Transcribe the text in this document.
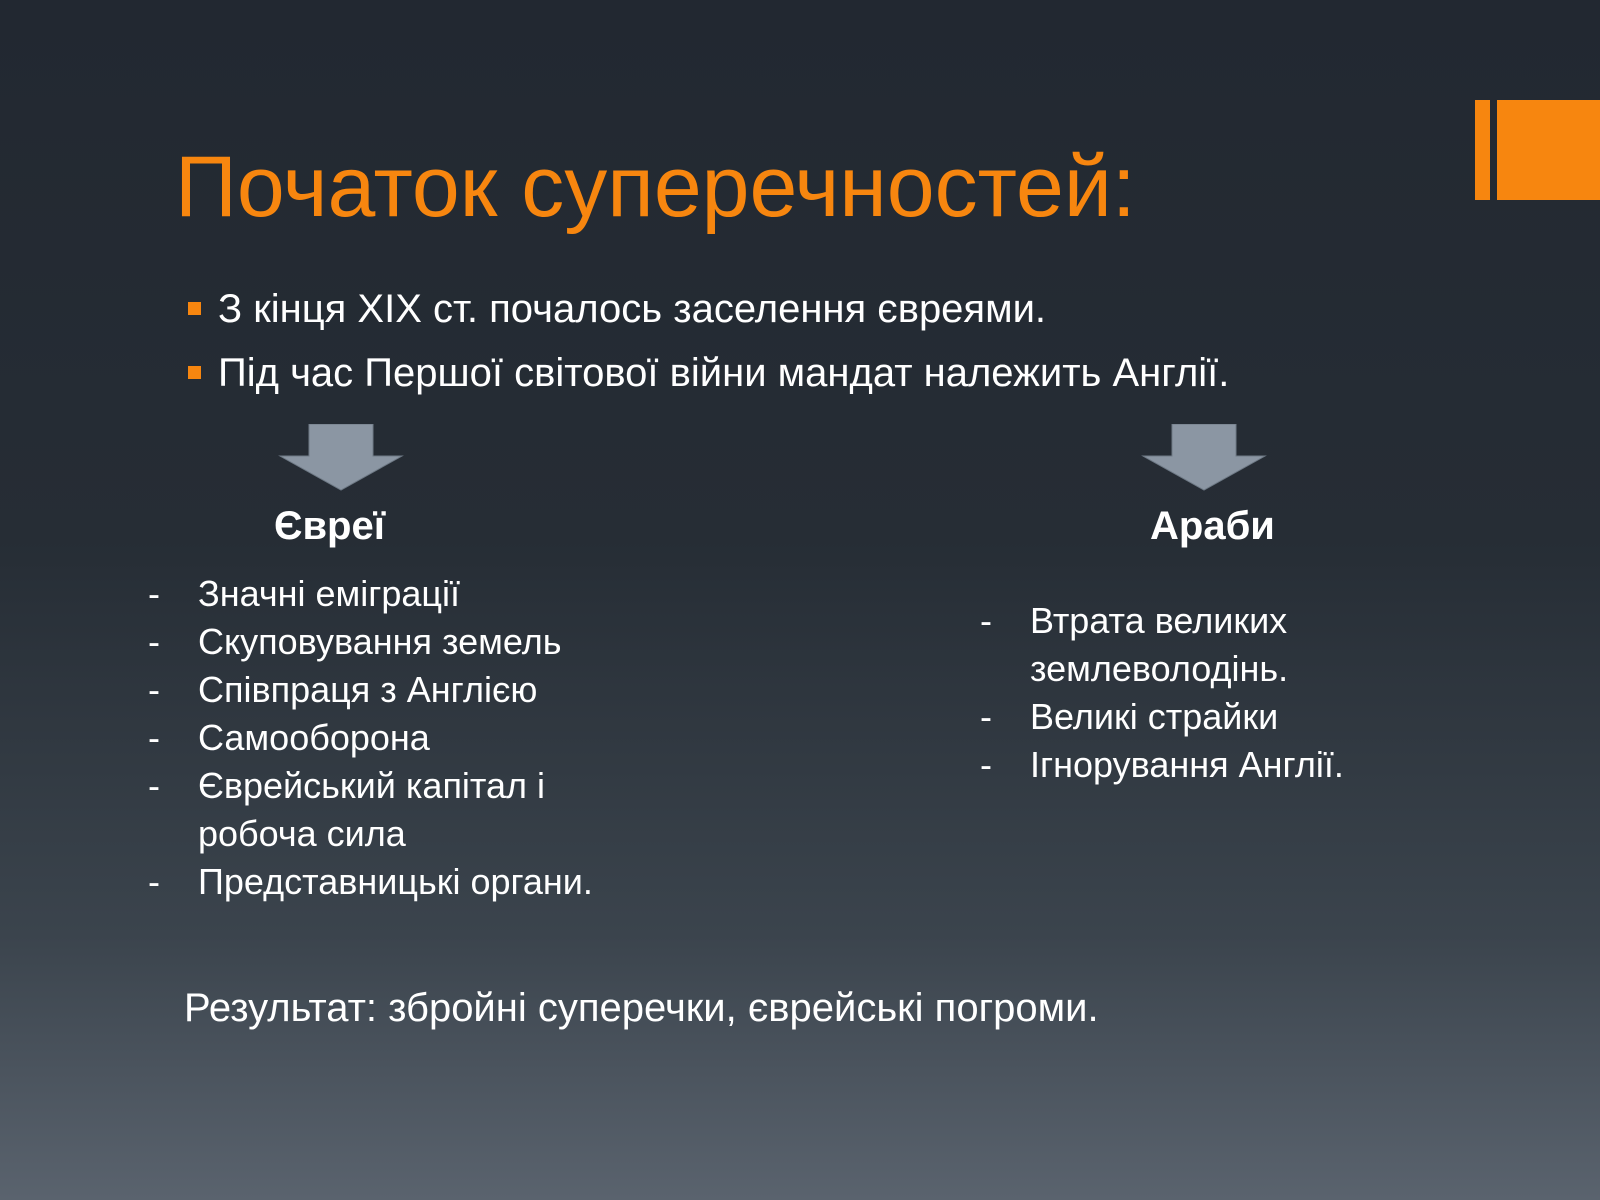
Початок суперечностей:
З кінця XIX ст. почалось заселення євреями.
Під час Першої світової війни мандат належить Англії.
Євреї	Араби
- Значні еміграції
- Скуповування земель
- Співпраця з Англією
- Самооборона
- Єврейський капітал і
робоча сила
- Представницькі органи.
- Втрата великих
землеволодінь.
- Великі страйки
- Ігнорування Англії.
Результат: збройні суперечки, єврейські погроми.
